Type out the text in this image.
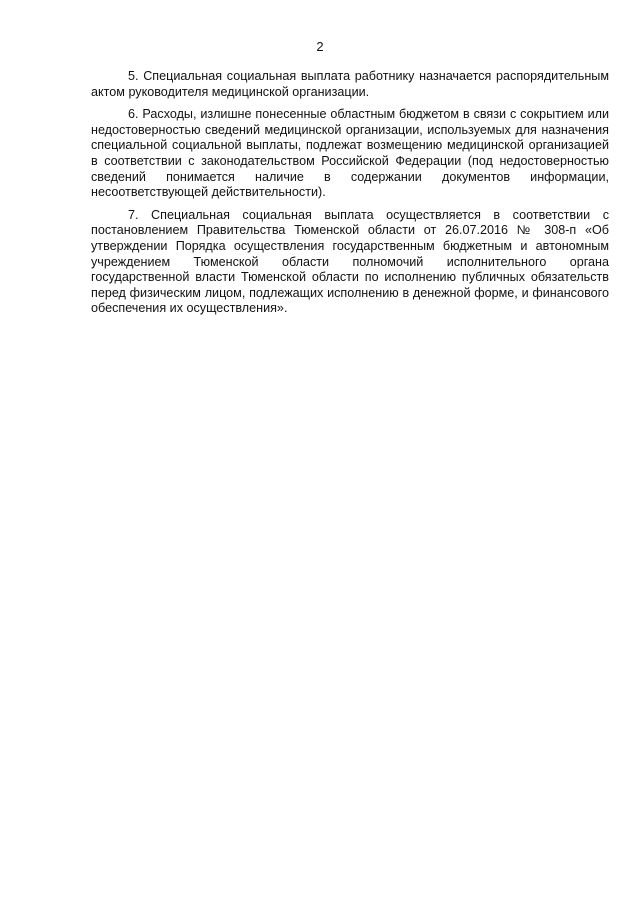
2

5. Специальная социальная выплата работнику назначается распорядительным актом руководителя медицинской организации.

6. Расходы, излишне понесенные областным бюджетом в связи с сокрытием или недостоверностью сведений медицинской организации, используемых для назначения специальной социальной выплаты, подлежат возмещению медицинской организацией в соответствии с законодательством Российской Федерации (под недостоверностью сведений понимается наличие в содержании документов информации, несоответствующей действительности).

7. Специальная социальная выплата осуществляется в соответствии с постановлением Правительства Тюменской области от 26.07.2016 № 308-п «Об утверждении Порядка осуществления государственным бюджетным и автономным учреждением Тюменской области полномочий исполнительного органа государственной власти Тюменской области по исполнению публичных обязательств перед физическим лицом, подлежащих исполнению в денежной форме, и финансового обеспечения их осуществления».
